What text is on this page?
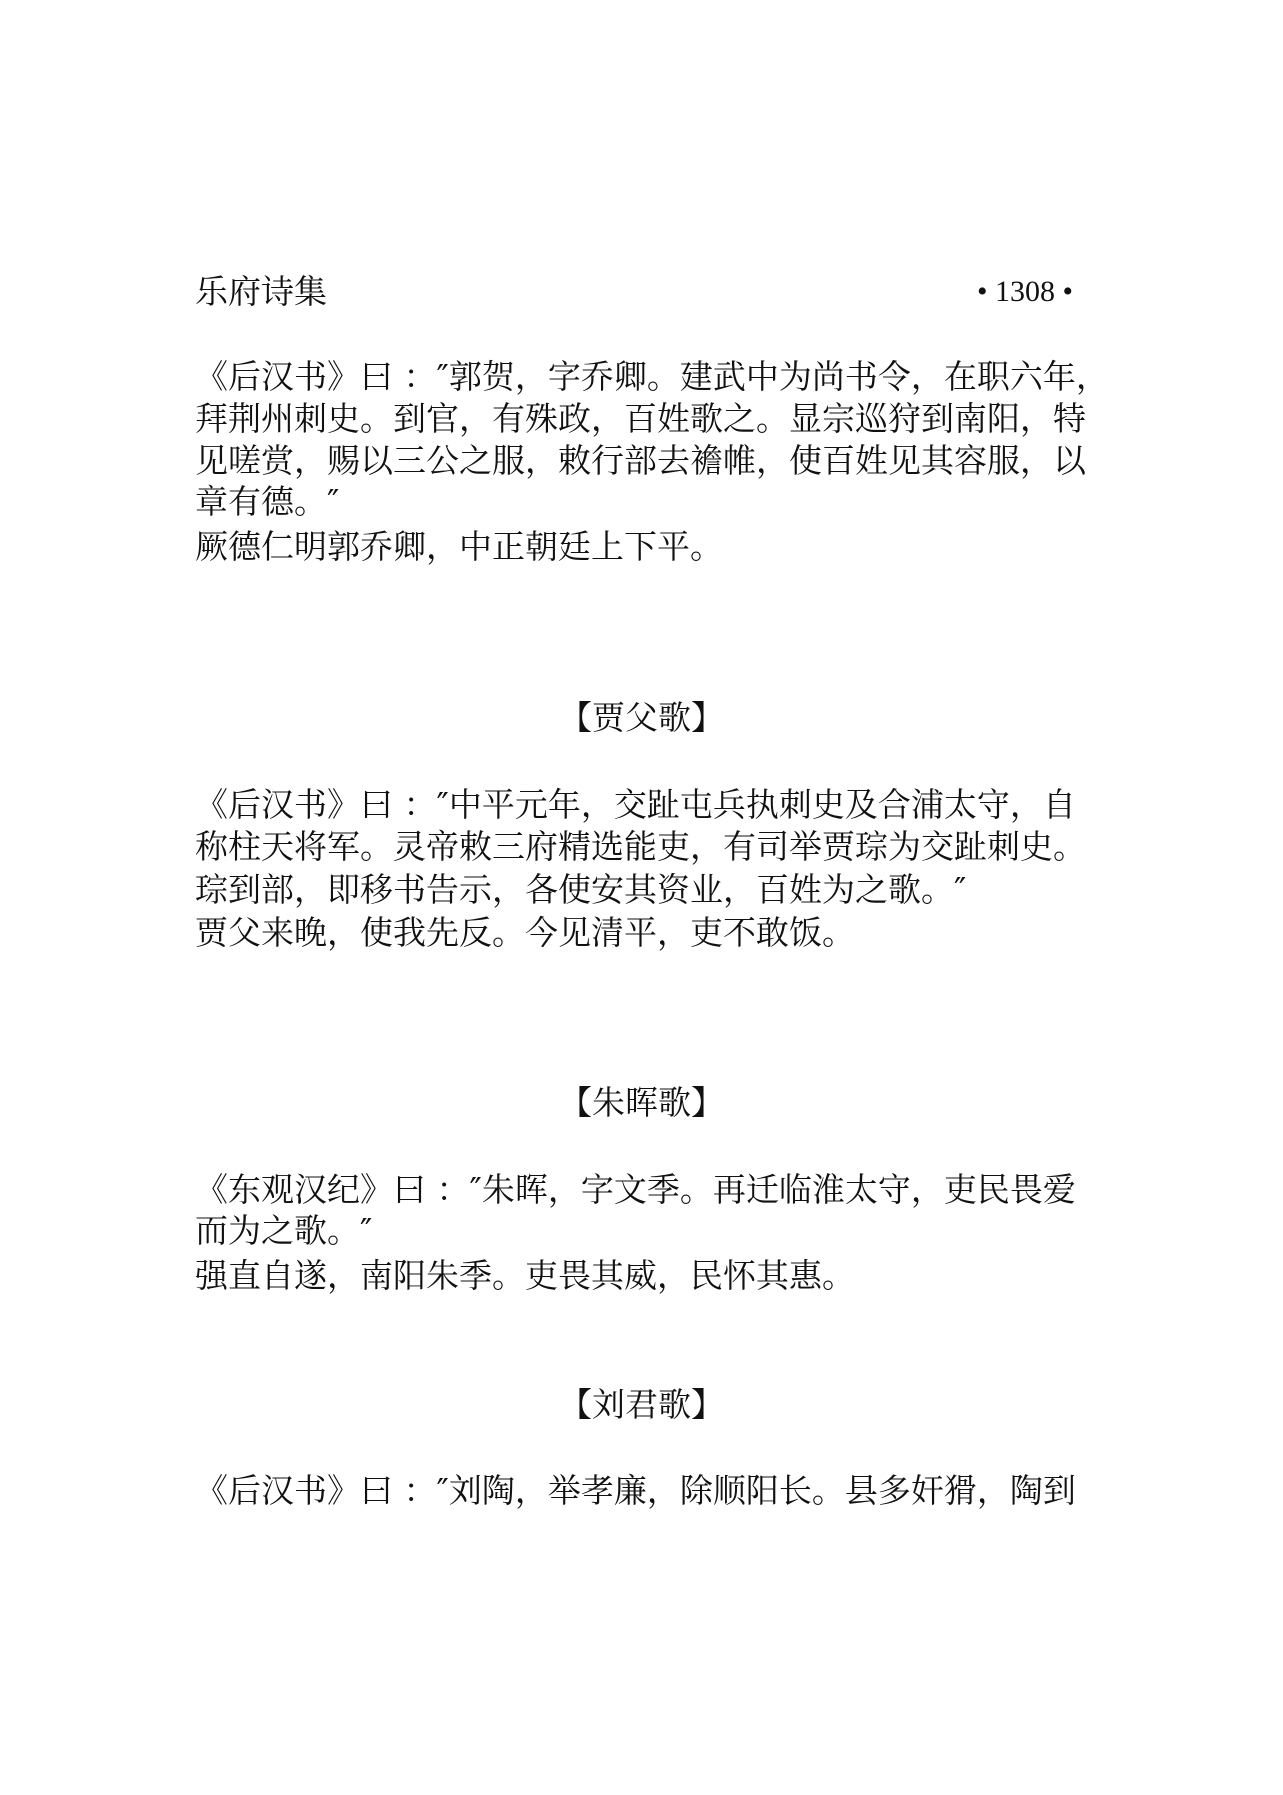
乐府诗集	• 1308 •
《后汉书》曰 ：″郭贺，字乔卿。建武中为尚书令，在职六年，
拜荆州刺史。到官，有殊政，百姓歌之。显宗巡狩到南阳，特
见嗟赏，赐以三公之服，敕行部去襜帷，使百姓见其容服，以
章有德。″
厥德仁明郭乔卿，中正朝廷上下平。
【贾父歌】
《后汉书》曰 ：″中平元年，交趾屯兵执刺史及合浦太守，自
称柱天将军。灵帝敕三府精选能吏，有司举贾琮为交趾刺史。
琮到部，即移书告示，各使安其资业，百姓为之歌。″
贾父来晚，使我先反。今见清平，吏不敢饭。
【朱晖歌】
《东观汉纪》曰 ：″朱晖，字文季。再迁临淮太守，吏民畏爱
而为之歌。″
强直自遂，南阳朱季。吏畏其威，民怀其惠。
【刘君歌】
《后汉书》曰 ：″刘陶，举孝廉，除顺阳长。县多奸猾，陶到
